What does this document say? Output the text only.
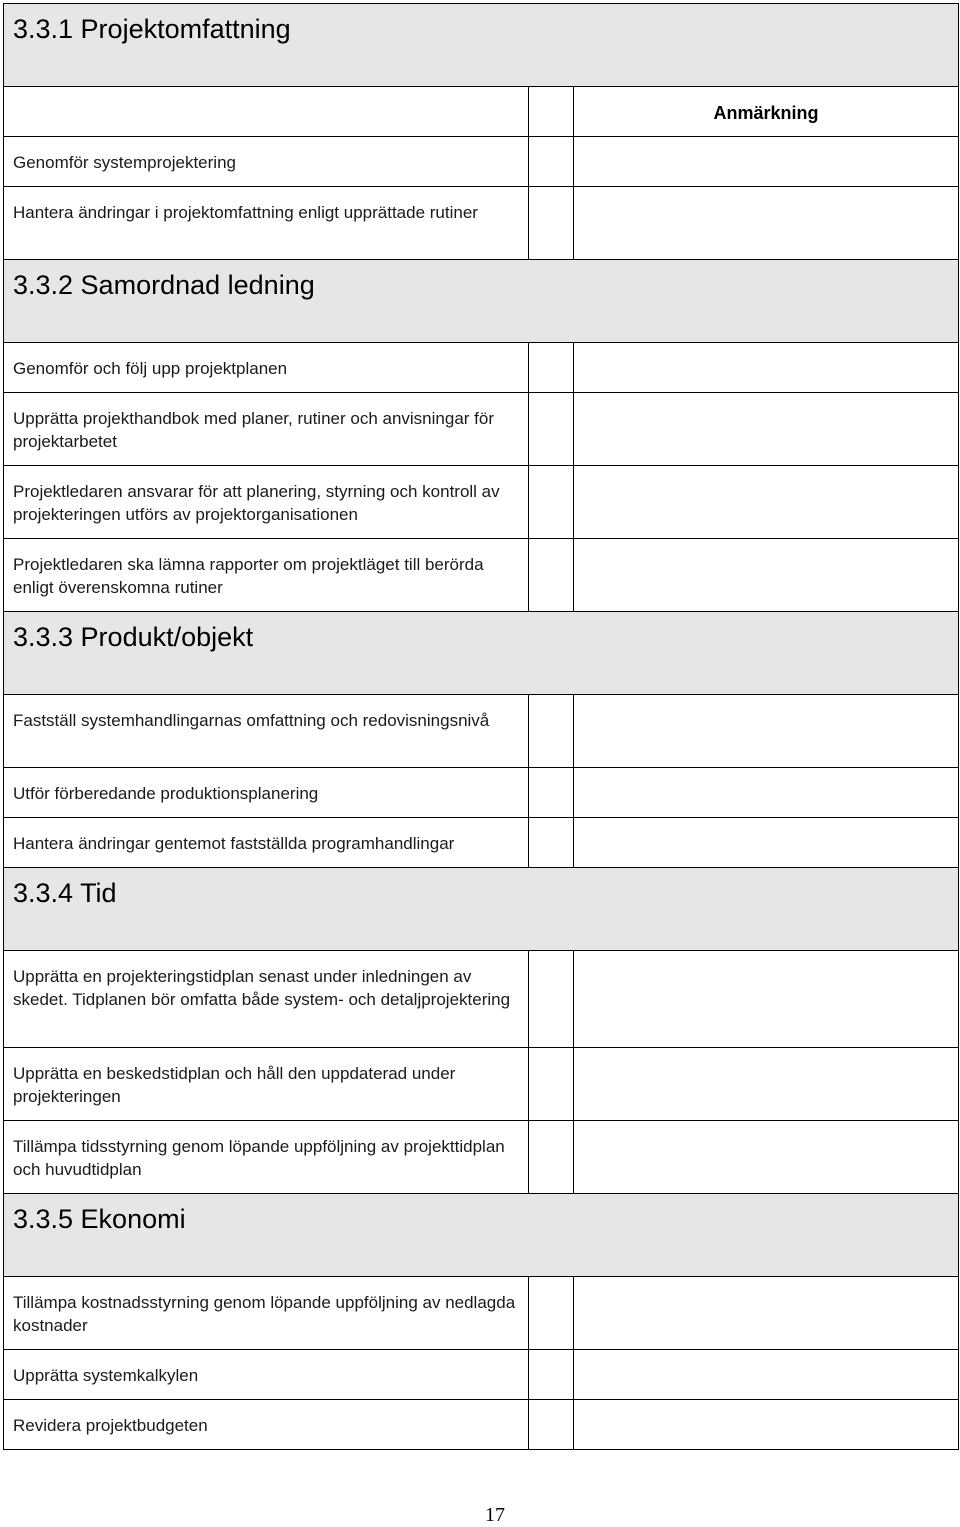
3.3.1 Projektomfattning		
		Anmärkning
Genomför systemprojektering		
Hantera ändringar i projektomfattning enligt upprättade rutiner		
3.3.2 Samordnad ledning		
Genomför och följ upp projektplanen		
Upprätta projekthandbok med planer, rutiner och anvisningar för projektarbetet		
Projektledaren ansvarar för att planering, styrning och kontroll av projekteringen utförs av projektorganisationen		
Projektledaren ska lämna rapporter om projektläget till berörda enligt överenskomna rutiner		
3.3.3 Produkt/objekt		
Fastställ systemhandlingarnas omfattning och redovisningsnivå		
Utför förberedande produktionsplanering		
Hantera ändringar gentemot fastställda programhandlingar		
3.3.4 Tid		
Upprätta en projekteringstidplan senast under inledningen av skedet. Tidplanen bör omfatta både system- och detaljprojektering		
Upprätta en beskedstidplan och håll den uppdaterad under projekteringen		
Tillämpa tidsstyrning genom löpande uppföljning av projekttidplan och huvudtidplan		
3.3.5 Ekonomi		
Tillämpa kostnadsstyrning genom löpande uppföljning av nedlagda kostnader		
Upprätta systemkalkylen		
Revidera projektbudgeten		
17
